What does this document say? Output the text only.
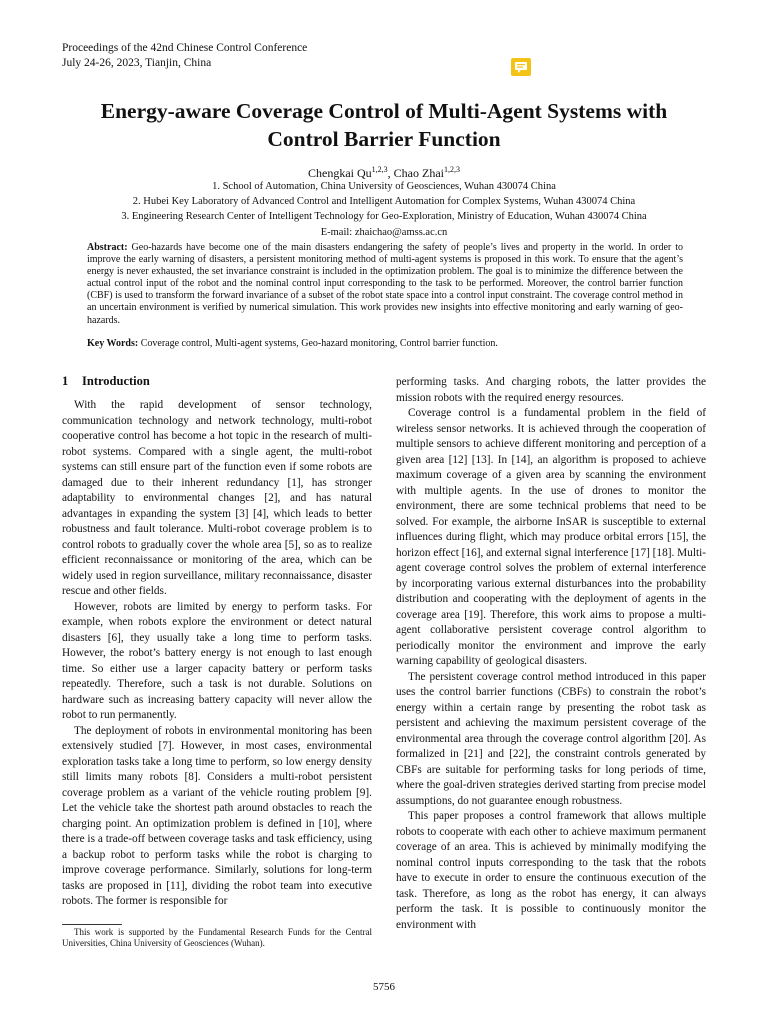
Proceedings of the 42nd Chinese Control Conference
July 24-26, 2023, Tianjin, China
Energy-aware Coverage Control of Multi-Agent Systems with
Control Barrier Function
Chengkai Qu$^{1,2,3}$, Chao Zhai$^{1,2,3}$
1. School of Automation, China University of Geosciences, Wuhan 430074 China
2. Hubei Key Laboratory of Advanced Control and Intelligent Automation for Complex Systems, Wuhan 430074 China
3. Engineering Research Center of Intelligent Technology for Geo-Exploration, Ministry of Education, Wuhan 430074 China
E-mail: zhaichao@amss.ac.cn
Abstract: Geo-hazards have become one of the main disasters endangering the safety of people’s lives and property in the world. In order to improve the early warning of disasters, a persistent monitoring method of multi-agent systems is proposed in this work. To ensure that the agent’s energy is never exhausted, the set invariance constraint is included in the optimization problem. The goal is to minimize the difference between the actual control input of the robot and the nominal control input corresponding to the task to be performed. Moreover, the control barrier function (CBF) is used to transform the forward invariance of a subset of the robot state space into a control input constraint. The coverage control method in an uncertain environment is verified by numerical simulation. This work provides new insights into effective monitoring and early warning of geo-hazards.
Key Words: Coverage control, Multi-agent systems, Geo-hazard monitoring, Control barrier function.
1 Introduction

With the rapid development of sensor technology, communication technology and network technology, multi-robot cooperative control has become a hot topic in the research of multi-robot systems. Compared with a single agent, the multi-robot systems can still ensure part of the function even if some robots are damaged due to their inherent redundancy [1], has stronger adaptability to environmental changes [2], and has natural advantages in expanding the system [3] [4], which leads to better robustness and fault tolerance. Multi-robot coverage problem is to control robots to gradually cover the whole area [5], so as to realize efficient reconnaissance or monitoring of the area, which can be widely used in region surveillance, military reconnaissance, disaster rescue and other fields.

However, robots are limited by energy to perform tasks. For example, when robots explore the environment or detect natural disasters [6], they usually take a long time to perform tasks. However, the robot’s battery energy is not enough to last enough time. So either use a larger capacity battery or perform tasks repeatedly. Therefore, such a task is not durable. Solutions on hardware such as increasing battery capacity will never allow the robot to run permanently.

The deployment of robots in environmental monitoring has been extensively studied [7]. However, in most cases, environmental exploration tasks take a long time to perform, so low energy density still limits many robots [8]. Considers a multi-robot persistent coverage problem as a variant of the vehicle routing problem [9]. Let the vehicle take the shortest path around obstacles to reach the charging point. An optimization problem is defined in [10], where there is a trade-off between coverage tasks and task efficiency, using a backup robot to perform tasks while the robot is charging to improve coverage performance. Similarly, solutions for long-term tasks are proposed in [11], dividing the robot team into executive robots. The former is responsible for

performing tasks. And charging robots, the latter provides the mission robots with the required energy resources.

Coverage control is a fundamental problem in the field of wireless sensor networks. It is achieved through the cooperation of multiple sensors to achieve different monitoring and perception of a given area [12] [13]. In [14], an algorithm is proposed to achieve maximum coverage of a given area by scanning the environment with multiple agents. In the use of drones to monitor the environment, there are some technical problems that need to be solved. For example, the airborne InSAR is susceptible to external influences during flight, which may produce orbital errors [15], the horizon effect [16], and external signal interference [17] [18]. Multi-agent coverage control solves the problem of external interference by incorporating various external disturbances into the probability distribution and cooperating with the deployment of agents in the coverage area [19]. Therefore, this work aims to propose a multi-agent collaborative persistent coverage control algorithm to periodically monitor the environment and improve the early warning capability of geological disasters.

The persistent coverage control method introduced in this paper uses the control barrier functions (CBFs) to constrain the robot’s energy within a certain range by presenting the robot task as persistent and achieving the maximum persistent coverage of the environmental area through the coverage control algorithm [20]. As formalized in [21] and [22], the constraint controls generated by CBFs are suitable for performing tasks for long periods of time, where the goal-driven strategies derived starting from precise model assumptions, do not guarantee enough robustness.

This paper proposes a control framework that allows multiple robots to cooperate with each other to achieve maximum permanent coverage of an area. This is achieved by minimally modifying the nominal control inputs corresponding to the task that the robots have to execute in order to ensure the continuous execution of the task. Therefore, as long as the robot has energy, it can always perform the task. It is possible to continuously monitor the environment with

This work is supported by the Fundamental Research Funds for the Central Universities, China University of Geosciences (Wuhan).
5756
